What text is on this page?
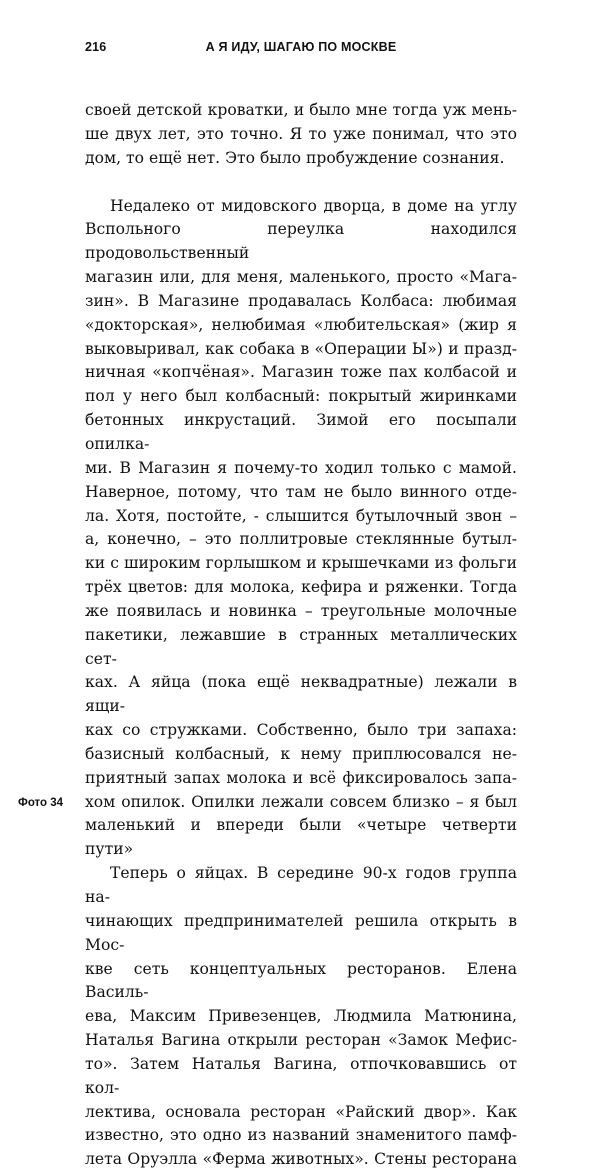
216	А Я ИДУ, ШАГАЮ ПО МОСКВЕ
Фото 34

своей детской кроватки, и было мне тогда уж мень-

ше двух лет, это точно. Я то уже понимал, что это

дом, то ещё нет. Это было пробуждение сознания.

Недалеко от мидовского дворца, в доме на углу

Вспольного переулка находился продовольственный

магазин или, для меня, маленького, просто «Мага-

зин». В Магазине продавалась Колбаса: любимая

«докторская», нелюбимая «любительская» (жир я

выковыривал, как собака в «Операции Ы») и празд-

ничная «копчёная». Магазин тоже пах колбасой и

пол у него был колбасный: покрытый жиринками

бетонных инкрустаций. Зимой его посыпали опилка-

ми. В Магазин я почему-то ходил только с мамой.

Наверное, потому, что там не было винного отде-

ла. Хотя, постойте, - слышится бутылочный звон –

а, конечно, – это поллитровые стеклянные бутыл-

ки с широким горлышком и крышечками из фольги

трёх цветов: для молока, кефира и ряженки. Тогда

же появилась и новинка – треугольные молочные

пакетики, лежавшие в странных металлических сет-

ках. А яйца (пока ещё неквадратные) лежали в ящи-

ках со стружками. Собственно, было три запаха:

базисный колбасный, к нему приплюсовался не-

приятный запах молока и всё фиксировалось запа-

хом опилок. Опилки лежали совсем близко – я был

маленький и впереди были «четыре четверти пути»

Теперь о яйцах. В середине 90-х годов группа на-

чинающих предпринимателей решила открыть в Мос-

кве сеть концептуальных ресторанов. Елена Василь-

ева, Максим Привезенцев, Людмила Матюнина,

Наталья Вагина открыли ресторан «Замок Мефис-

то». Затем Наталья Вагина, отпочковавшись от кол-

лектива, основала ресторан «Райский двор». Как

известно, это одно из названий знаменитого памф-

лета Оруэлла «Ферма животных». Стены ресторана
